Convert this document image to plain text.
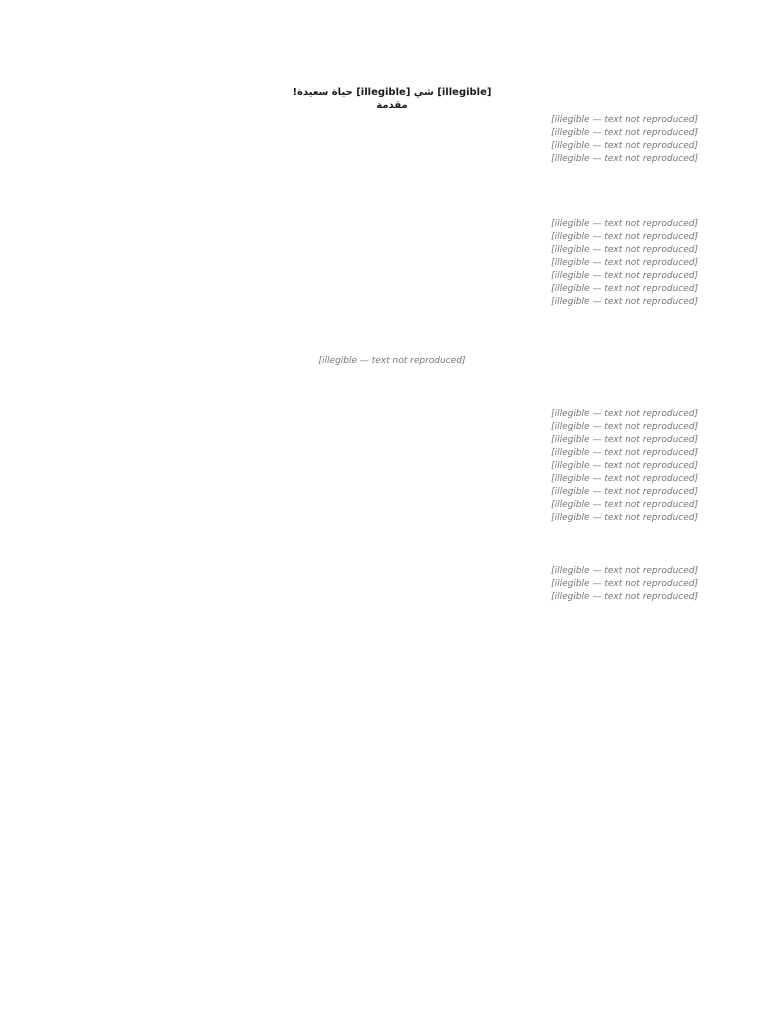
[illegible] شي [illegible] حياة سعيدة!
مقدمة

[illegible — text not reproduced]

[illegible — text not reproduced]

[illegible — text not reproduced]

[illegible — text not reproduced]

[illegible — text not reproduced]

[illegible — text not reproduced]

[illegible — text not reproduced]

[illegible — text not reproduced]

[illegible — text not reproduced]

[illegible — text not reproduced]

[illegible — text not reproduced]

[illegible — text not reproduced]

[illegible — text not reproduced]

[illegible — text not reproduced]

[illegible — text not reproduced]

[illegible — text not reproduced]

[illegible — text not reproduced]

[illegible — text not reproduced]

[illegible — text not reproduced]

[illegible — text not reproduced]

[illegible — text not reproduced]

[illegible — text not reproduced]

[illegible — text not reproduced]

[illegible — text not reproduced]
